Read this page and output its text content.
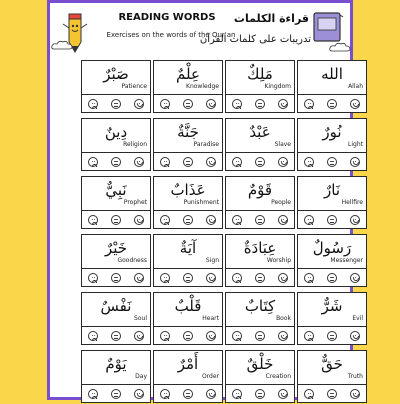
READING WORDS
Exercises on the words of the Qur'an
قراءة الكلمات
تدريبات على كلمات القرآن
الله
Allah
مَلِكٌ
Kingdom
عِلْمٌ
Knowledge
صَبْرٌ
Patience
نُورٌ
Light
عَبْدٌ
Slave
جَنَّةٌ
Paradise
دِينٌ
Religion
نَارٌ
Hellfire
قَوْمٌ
People
عَذَابٌ
Punishment
نَبِيٌّ
Prophet
رَسُولٌ
Messenger
عِبَادَةٌ
Worship
آيَةٌ
Sign
خَيْرٌ
Goodness
شَرٌّ
Evil
كِتَابٌ
Book
قَلْبٌ
Heart
نَفْسٌ
Soul
حَقٌّ
Truth
خَلْقٌ
Creation
أَمْرٌ
Order
يَوْمٌ
Day
